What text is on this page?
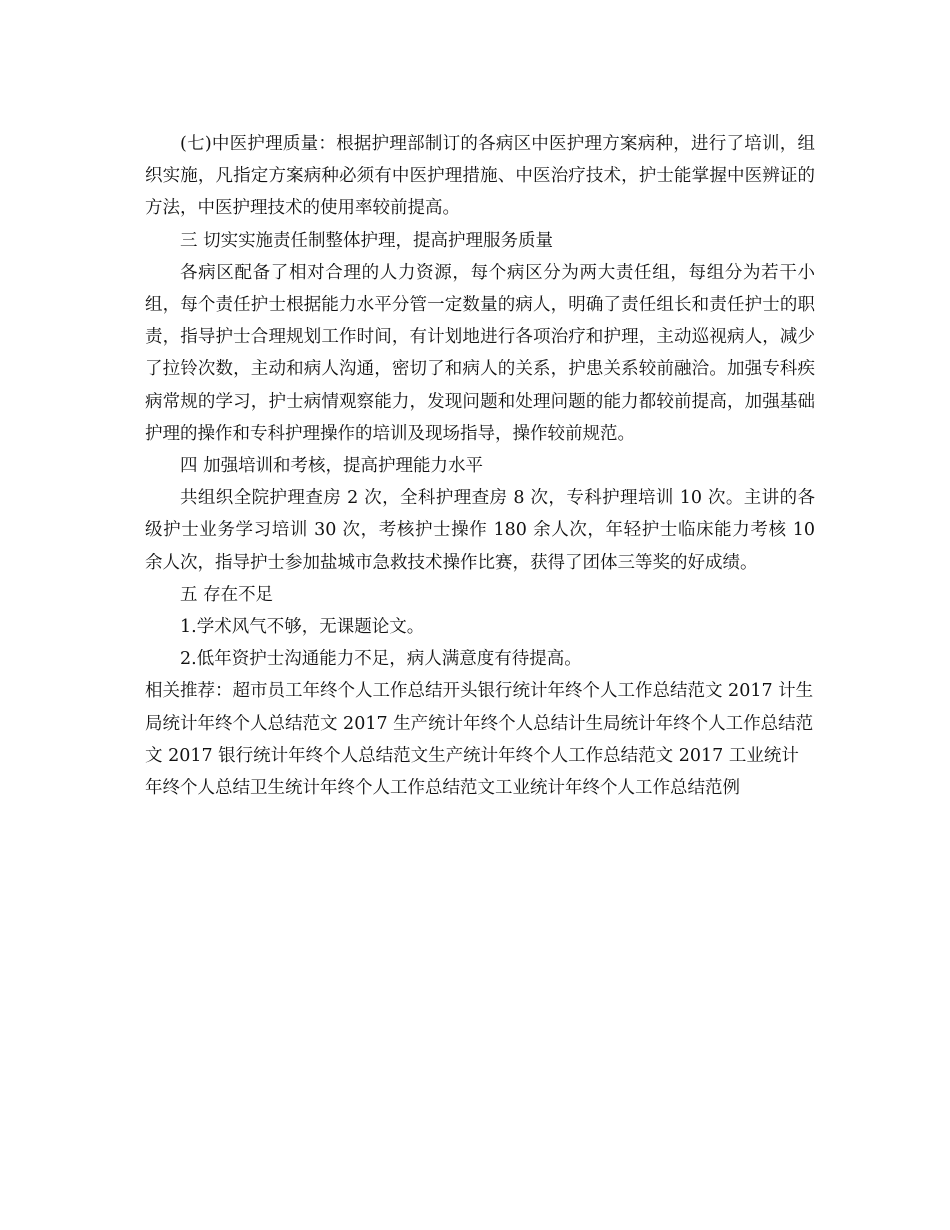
(七)中医护理质量：根据护理部制订的各病区中医护理方案病种，进行了培训，组织实施，凡指定方案病种必须有中医护理措施、中医治疗技术，护士能掌握中医辨证的方法，中医护理技术的使用率较前提高。

三 切实实施责任制整体护理，提高护理服务质量

各病区配备了相对合理的人力资源，每个病区分为两大责任组，每组分为若干小组，每个责任护士根据能力水平分管一定数量的病人，明确了责任组长和责任护士的职责，指导护士合理规划工作时间，有计划地进行各项治疗和护理，主动巡视病人，减少了拉铃次数，主动和病人沟通，密切了和病人的关系，护患关系较前融洽。加强专科疾病常规的学习，护士病情观察能力，发现问题和处理问题的能力都较前提高，加强基础护理的操作和专科护理操作的培训及现场指导，操作较前规范。

四 加强培训和考核，提高护理能力水平

共组织全院护理查房 2 次，全科护理查房 8 次，专科护理培训 10 次。主讲的各级护士业务学习培训 30 次，考核护士操作 180 余人次，年轻护士临床能力考核 10 余人次，指导护士参加盐城市急救技术操作比赛，获得了团体三等奖的好成绩。

五 存在不足

1.学术风气不够，无课题论文。

2.低年资护士沟通能力不足，病人满意度有待提高。

相关推荐：超市员工年终个人工作总结开头银行统计年终个人工作总结范文 2017 计生局统计年终个人总结范文 2017 生产统计年终个人总结计生局统计年终个人工作总结范文 2017 银行统计年终个人总结范文生产统计年终个人工作总结范文 2017 工业统计年终个人总结卫生统计年终个人工作总结范文工业统计年终个人工作总结范例
